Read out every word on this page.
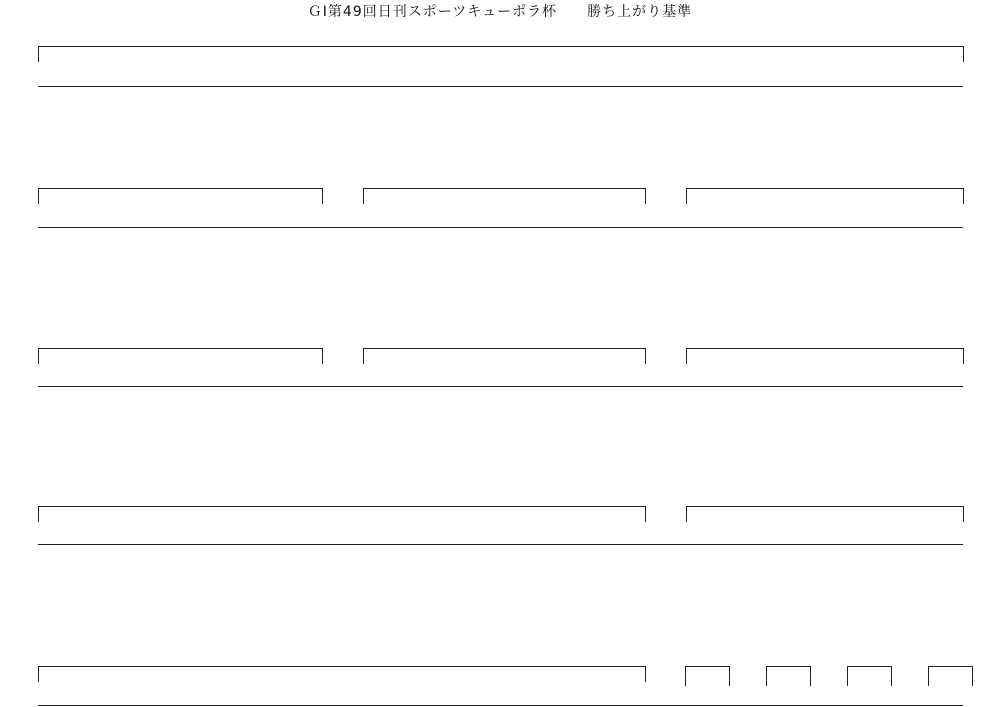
ＧⅠ第49回日刊スポーツキューポラ杯　　勝ち上がり基準
